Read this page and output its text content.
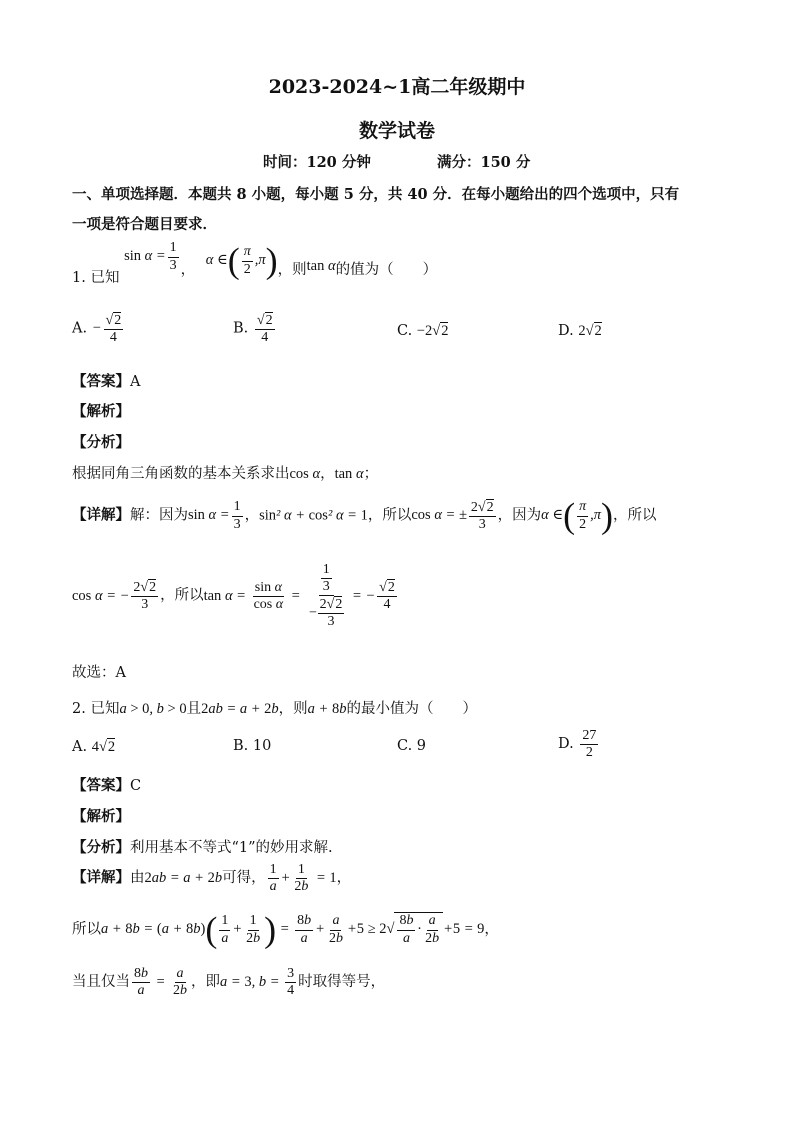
2023-2024~1高二年级期中
数学试卷
时间：120 分钟	满分：150 分
一、单项选择题．本题共 8 小题，每小题 5 分，共 40 分．在每小题给出的四个选项中，只有
一项是符合题目要求．
1. 已知 $\sin \alpha = \frac{1}{3}$ ， α ∈( $\frac{\pi}{2} ,\pi$)，则tan α的值为（　　）
A. − $\frac{√2}{4}$	B. $\frac{√2}{4}$	C. −2√2	D. 2√2
【答案】A
【解析】
【分析】
根据同角三角函数的基本关系求出cos α，tan α；
【详解】解：因为$\sin \alpha = \frac{1}{3}$ ，sin² α + cos² α = 1，所以cos α = ± $\frac{2√2}{3}$ ，因为α ∈( $\frac{\pi}{2} ,\pi$)，所以
cos α = − $\frac{2√2}{3}$ ，所以$\tan \alpha = \frac{\text{sin α}}{\text{cos α}} = \frac{\frac{1}{3}}{- \frac{2√2}{3}}$ = − $\frac{√2}{4}$
故选：A
2. 已知a > 0, b > 0且2ab = a + 2b，则a + 8b的最小值为（　　）
A. 4√2	B. 10	C. 9	D. $\frac{27}{2}$
【答案】C
【解析】
【分析】利用基本不等式“1”的妙用求解.
【详解】由2ab = a + 2b可得， $\frac{1}{a} + \frac{1}{2b} = 1$，
所以$a + 8b = (a + 8b)( \frac{1}{a} + \frac{1}{2b}$ ) = $\frac{8b}{a} + \frac{a}{2b} +5 \ge 2√ \frac{8b}{a} \cdot \frac{a}{2b} +5 = 9$，
当且仅当 $\frac{8b}{a} = \frac{a}{2b}$ ，即a = 3, $b = \frac{3}{4}$ 时取得等号，
